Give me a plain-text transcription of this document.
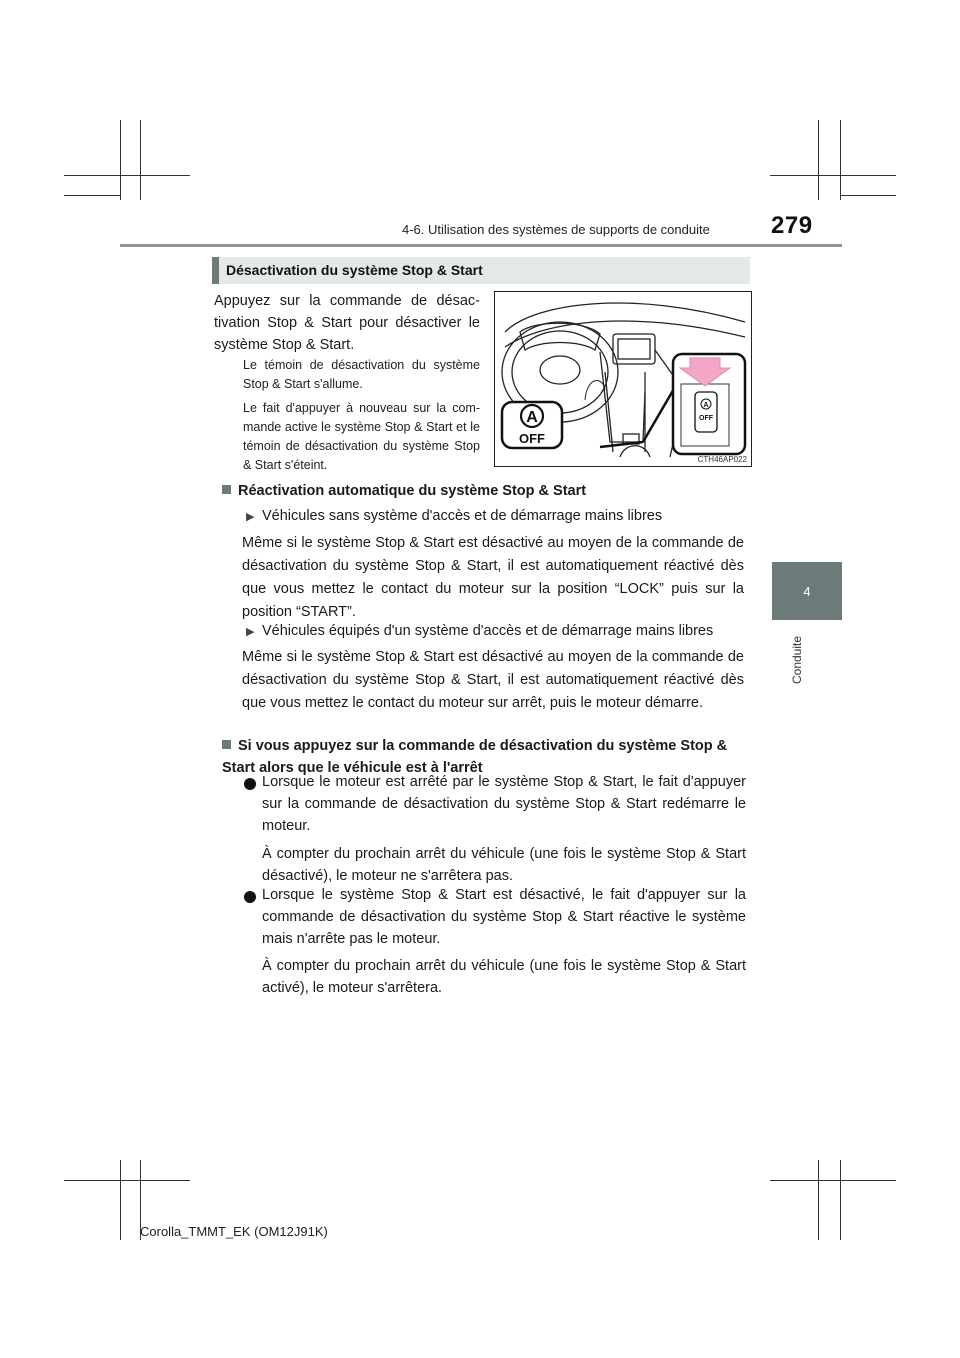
4-6. Utilisation des systèmes de supports de conduite	279
4
Conduite
Désactivation du système Stop & Start
Appuyez sur la commande de désactivation Stop & Start pour désactiver le système Stop & Start.
Le témoin de désactivation du système Stop & Start s'allume.
Le fait d'appuyer à nouveau sur la commande active le système Stop & Start et le témoin de désactivation du système Stop & Start s'éteint.
A
OFF
A
OFF
CTH46AP022
Réactivation automatique du système Stop & Start
▶ Véhicules sans système d'accès et de démarrage mains libres
Même si le système Stop & Start est désactivé au moyen de la commande de désactivation du système Stop & Start, il est automatiquement réactivé dès que vous mettez le contact du moteur sur la position “LOCK” puis sur la position “START”.
▶ Véhicules équipés d'un système d'accès et de démarrage mains libres
Même si le système Stop & Start est désactivé au moyen de la commande de désactivation du système Stop & Start, il est automatiquement réactivé dès que vous mettez le contact du moteur sur arrêt, puis le moteur démarre.
Si vous appuyez sur la commande de désactivation du système Stop & Start alors que le véhicule est à l'arrêt
Lorsque le moteur est arrêté par le système Stop & Start, le fait d'appuyer sur la commande de désactivation du système Stop & Start redémarre le moteur.
À compter du prochain arrêt du véhicule (une fois le système Stop & Start désactivé), le moteur ne s'arrêtera pas.
Lorsque le système Stop & Start est désactivé, le fait d'appuyer sur la commande de désactivation du système Stop & Start réactive le système mais n'arrête pas le moteur.
À compter du prochain arrêt du véhicule (une fois le système Stop & Start activé), le moteur s'arrêtera.
Corolla_TMMT_EK (OM12J91K)
